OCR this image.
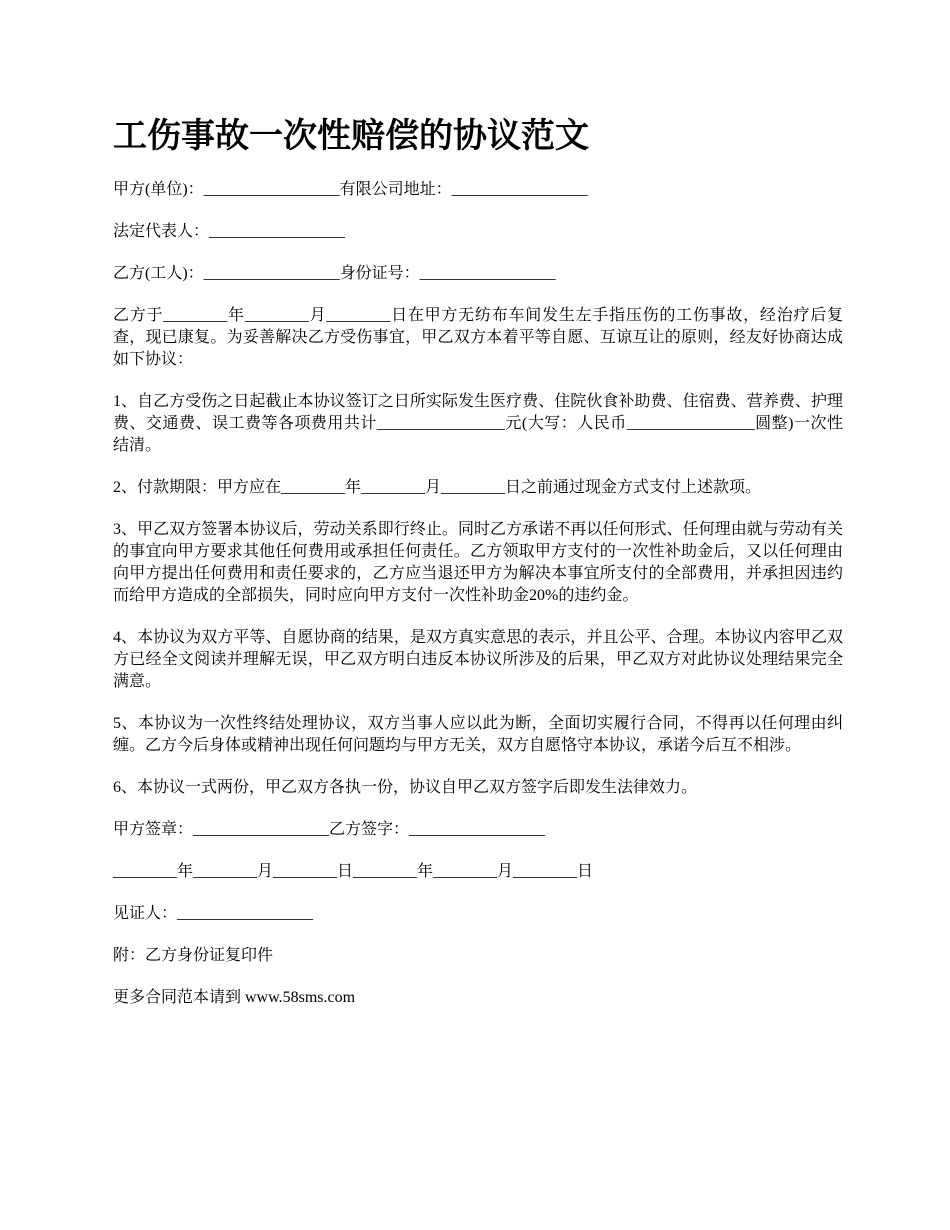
工伤事故一次性赔偿的协议范文

甲方(单位)：_________________有限公司地址：_________________

法定代表人：_________________

乙方(工人)：_________________身份证号：_________________

乙方于________年________月________日在甲方无纺布车间发生左手指压伤的工伤事故，经治疗后复查，现已康复。为妥善解决乙方受伤事宜，甲乙双方本着平等自愿、互谅互让的原则，经友好协商达成如下协议：

1、自乙方受伤之日起截止本协议签订之日所实际发生医疗费、住院伙食补助费、住宿费、营养费、护理费、交通费、误工费等各项费用共计________________元(大写：人民币________________圆整)一次性结清。

2、付款期限：甲方应在________年________月________日之前通过现金方式支付上述款项。

3、甲乙双方签署本协议后，劳动关系即行终止。同时乙方承诺不再以任何形式、任何理由就与劳动有关的事宜向甲方要求其他任何费用或承担任何责任。乙方领取甲方支付的一次性补助金后，又以任何理由向甲方提出任何费用和责任要求的，乙方应当退还甲方为解决本事宜所支付的全部费用，并承担因违约而给甲方造成的全部损失，同时应向甲方支付一次性补助金20%的违约金。

4、本协议为双方平等、自愿协商的结果，是双方真实意思的表示，并且公平、合理。本协议内容甲乙双方已经全文阅读并理解无误，甲乙双方明白违反本协议所涉及的后果，甲乙双方对此协议处理结果完全满意。

5、本协议为一次性终结处理协议，双方当事人应以此为断，全面切实履行合同，不得再以任何理由纠缠。乙方今后身体或精神出现任何问题均与甲方无关，双方自愿恪守本协议，承诺今后互不相涉。

6、本协议一式两份，甲乙双方各执一份，协议自甲乙双方签字后即发生法律效力。

甲方签章：_________________乙方签字：_________________

________年________月________日________年________月________日

见证人：_________________

附：乙方身份证复印件

更多合同范本请到 www.58sms.com
